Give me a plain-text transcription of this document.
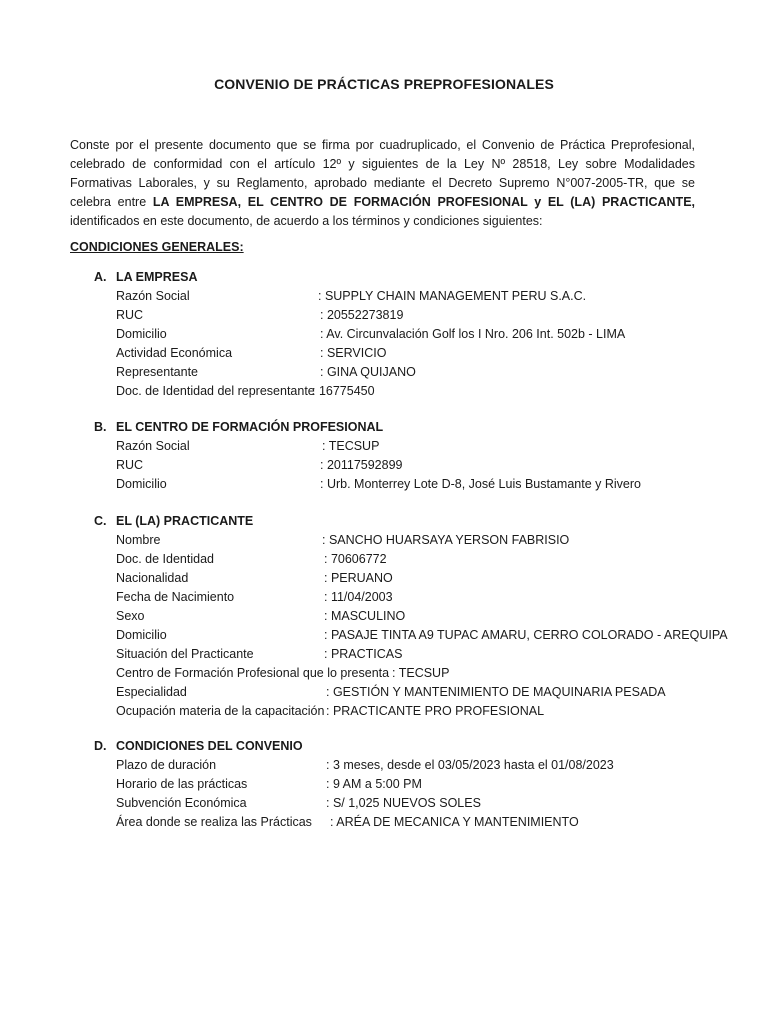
CONVENIO DE PRÁCTICAS PREPROFESIONALES
Conste por el presente documento que se firma por cuadruplicado, el Convenio de Práctica Preprofesional, celebrado de conformidad con el artículo 12º y siguientes de la Ley Nº 28518, Ley sobre Modalidades Formativas Laborales, y su Reglamento, aprobado mediante el Decreto Supremo N°007-2005-TR, que se celebra entre LA EMPRESA, EL CENTRO DE FORMACIÓN PROFESIONAL y EL (LA) PRACTICANTE, identificados en este documento, de acuerdo a los términos y condiciones siguientes:
CONDICIONES GENERALES:
A. LA EMPRESA
Razón Social	: SUPPLY CHAIN MANAGEMENT PERU S.A.C.
RUC	: 20552273819
Domicilio	: Av. Circunvalación Golf los I Nro. 206 Int. 502b - LIMA
Actividad Económica	: SERVICIO
Representante	: GINA QUIJANO
Doc. de Identidad del representante
: 16775450
B. EL CENTRO DE FORMACIÓN PROFESIONAL
Razón Social	: TECSUP
RUC	: 20117592899
Domicilio	: Urb. Monterrey Lote D-8, José Luis Bustamante y Rivero
C. EL (LA) PRACTICANTE
Nombre	: SANCHO HUARSAYA YERSON FABRISIO
Doc. de Identidad	: 70606772
Nacionalidad	: PERUANO
Fecha de Nacimiento	: 11/04/2003
Sexo	: MASCULINO
Domicilio	: PASAJE TINTA A9 TUPAC AMARU, CERRO COLORADO - AREQUIPA
Situación del Practicante	: PRACTICAS
Centro de Formación Profesional que lo presenta : TECSUP
Especialidad	: GESTIÓN Y MANTENIMIENTO DE MAQUINARIA PESADA
Ocupación materia de la capacitación : PRACTICANTE PRO PROFESIONAL
D. CONDICIONES DEL CONVENIO
Plazo de duración	: 3 meses, desde el 03/05/2023 hasta el 01/08/2023
Horario de las prácticas	: 9 AM a 5:00 PM
Subvención Económica	: S/ 1,025 NUEVOS SOLES
Área donde se realiza las Prácticas : ARÉA DE MECANICA Y MANTENIMIENTO
